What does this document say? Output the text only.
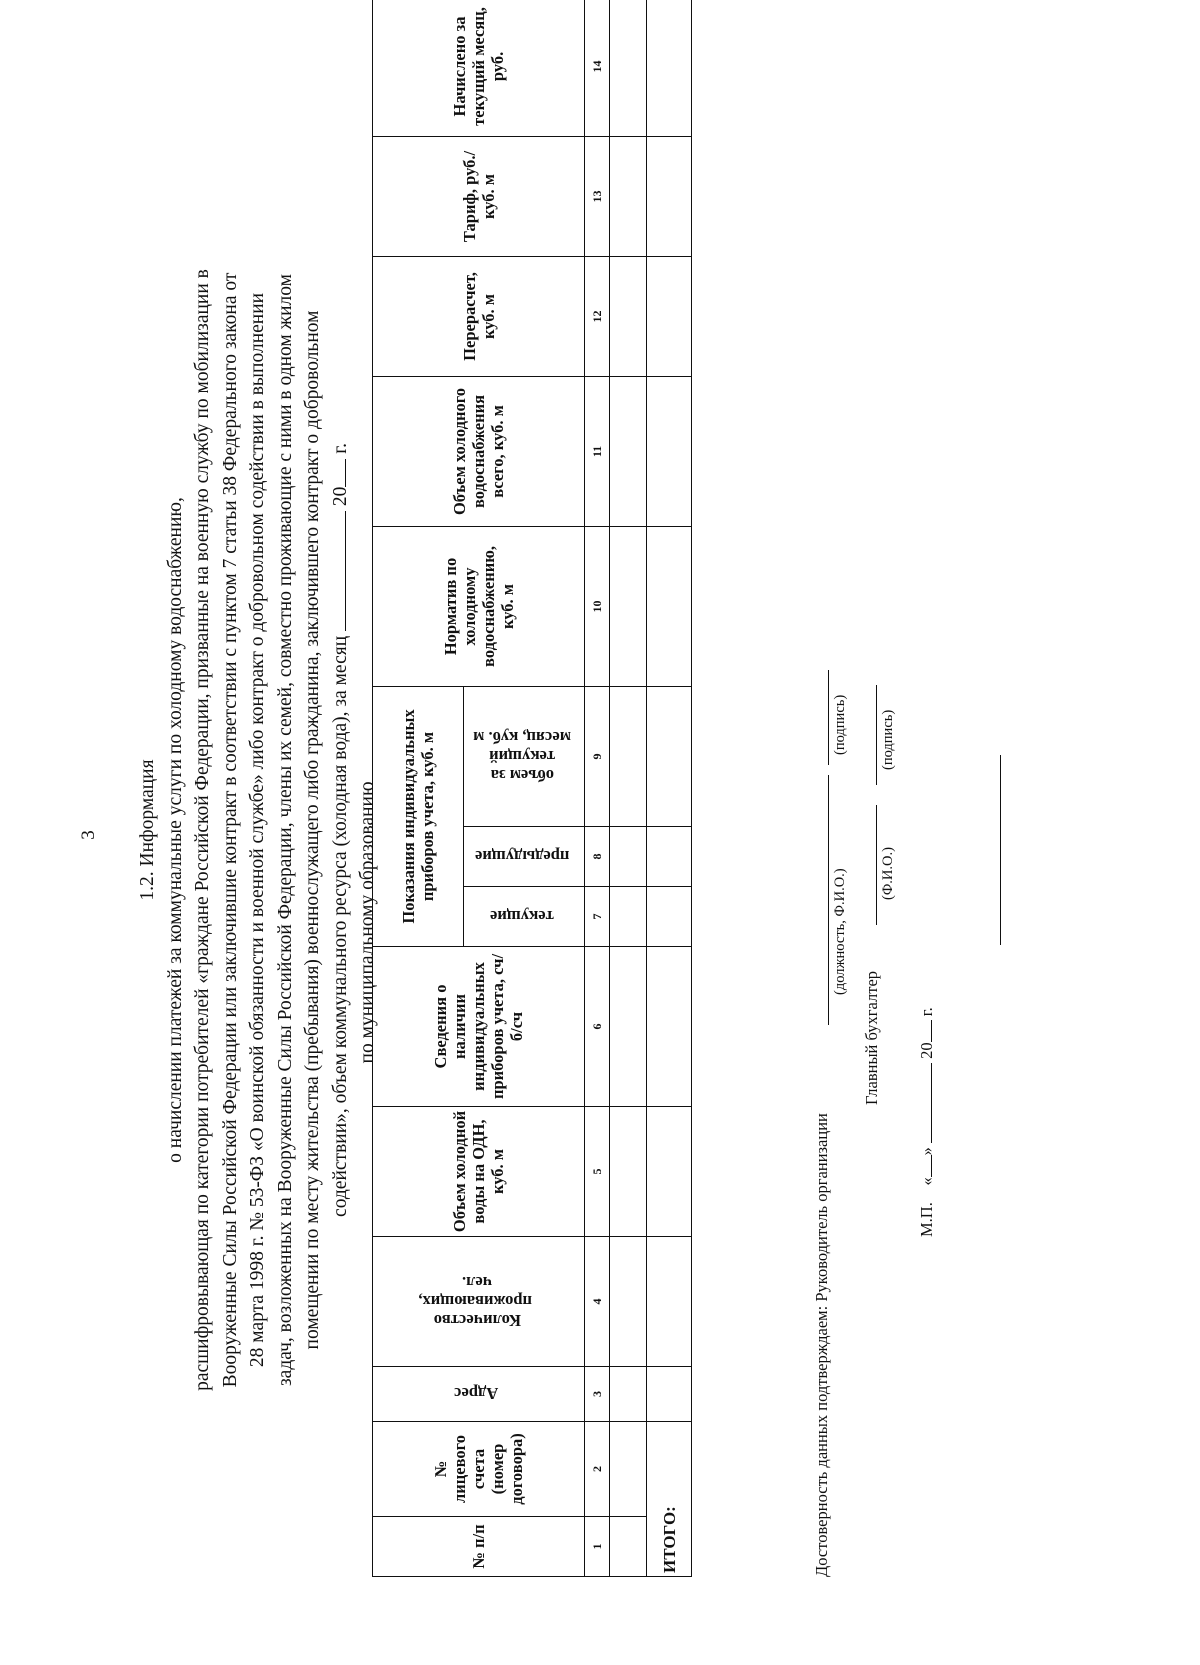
3 1.2. Информация о начислении платежей за коммунальные услуги по холодному водоснабжению, расшифровывающая по категории потребителей «граждане Российской Федерации, призванные на военную службу по мобилизации в Вооруженные Силы Российской Федерации или заключившие контракт в соответствии с пунктом 7 статьи 38 Федерального закона от 28 марта 1998 г. № 53-ФЗ «О воинской обязанности и военной службе» либо контракт о добровольном содействии в выполнении задач, возложенных на Вооруженные Силы Российской Федерации, члены их семей, совместно проживающие с ними в одном жилом помещении по месту жительства (пребывания) военнослужащего либо гражданина, заключившего контракт о добровольном содействии», объем коммунального ресурса (холодная вода), за месяц  20 г.
по муниципальному образованию
№ п/п	№ лицевого счета (номер договора)	Адрес	Количество проживающих, чел.	Объем холодной воды на ОДН, куб. м	Сведения о наличии индивидуальных приборов учета, сч/б/сч	Показания индивидуальных приборов учета, куб. м			Норматив по холодному водоснабжению, куб. м	Объем холодного водоснабжения всего, куб. м	Перерасчет, куб. м	Тариф, руб./куб. м	Начислено за текущий месяц, руб.
						текущие	предыдущие	объем за текущий месяц, куб. м					
1	2	3	4	5	6	7	8	9	10	11	12	13	14

ИТОГО:														Достоверность данных подтверждаем: Руководитель организации
(должность, Ф.И.О.)
(подпись)
Главный бухгалтер
(Ф.И.О.)
(подпись)
М.П.    «»  20 г.
